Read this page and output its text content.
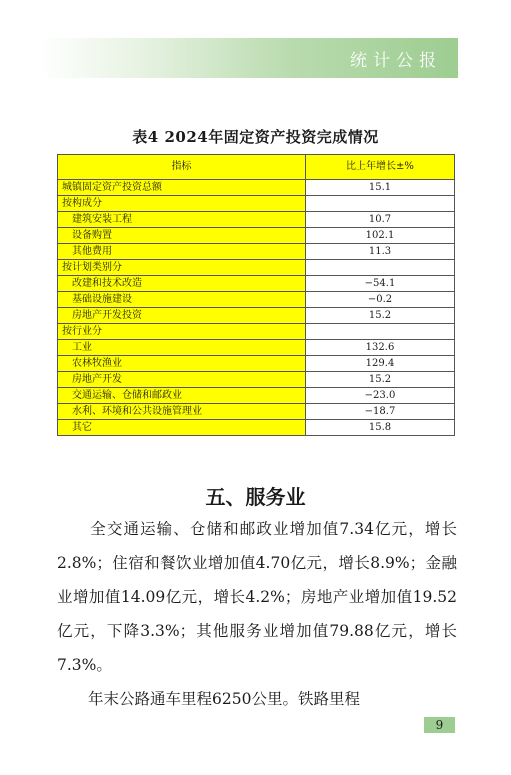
统计公报
表4 2024年固定资产投资完成情况
指标	比上年增长±%
城镇固定资产投资总额	15.1
按构成分	
建筑安装工程	10.7
设备购置	102.1
其他费用	11.3
按计划类别分	
改建和技术改造	−54.1
基础设施建设	−0.2
房地产开发投资	15.2
按行业分	
工业	132.6
农林牧渔业	129.4
房地产开发	15.2
交通运输、仓储和邮政业	−23.0
水利、环境和公共设施管理业	−18.7
其它	15.8
五、服务业
　　全交通运输、仓储和邮政业增加值7.34亿元，增长2.8%；住宿和餐饮业增加值4.70亿元，增长8.9%；金融业增加值14.09亿元，增长4.2%；房地产业增加值19.52亿元，下降3.3%；其他服务业增加值79.88亿元，增长7.3%。
　　年末公路通车里程6250公里。铁路里程
9
